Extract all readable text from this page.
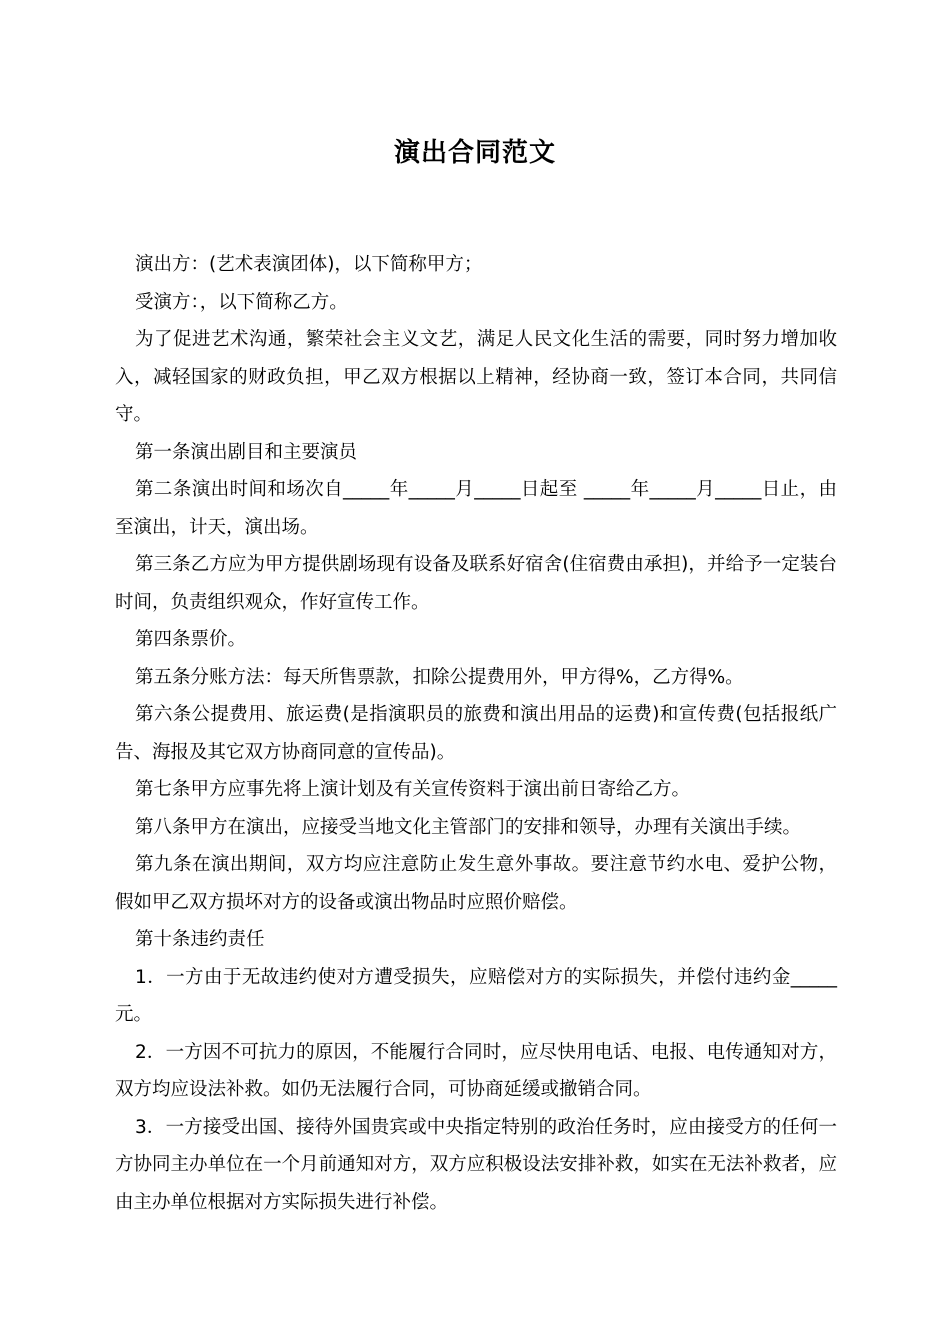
演出合同范文

演出方：(艺术表演团体)，以下简称甲方；

受演方：，以下简称乙方。

为了促进艺术沟通，繁荣社会主义文艺，满足人民文化生活的需要，同时努力增加收入，减轻国家的财政负担，甲乙双方根据以上精神，经协商一致，签订本合同，共同信守。

第一条演出剧目和主要演员

第二条演出时间和场次自_____年_____月_____日起至 _____年_____月_____日止，由至演出，计天，演出场。

第三条乙方应为甲方提供剧场现有设备及联系好宿舍(住宿费由承担)，并给予一定装台时间，负责组织观众，作好宣传工作。

第四条票价。

第五条分账方法：每天所售票款，扣除公提费用外，甲方得%，乙方得%。

第六条公提费用、旅运费(是指演职员的旅费和演出用品的运费)和宣传费(包括报纸广告、海报及其它双方协商同意的宣传品)。

第七条甲方应事先将上演计划及有关宣传资料于演出前日寄给乙方。

第八条甲方在演出，应接受当地文化主管部门的安排和领导，办理有关演出手续。

第九条在演出期间，双方均应注意防止发生意外事故。要注意节约水电、爱护公物，假如甲乙双方损坏对方的设备或演出物品时应照价赔偿。

第十条违约责任

1．一方由于无故违约使对方遭受损失，应赔偿对方的实际损失，并偿付违约金_____元。

2．一方因不可抗力的原因，不能履行合同时，应尽快用电话、电报、电传通知对方，双方均应设法补救。如仍无法履行合同，可协商延缓或撤销合同。

3．一方接受出国、接待外国贵宾或中央指定特别的政治任务时，应由接受方的任何一方协同主办单位在一个月前通知对方，双方应积极设法安排补救，如实在无法补救者，应由主办单位根据对方实际损失进行补偿。
